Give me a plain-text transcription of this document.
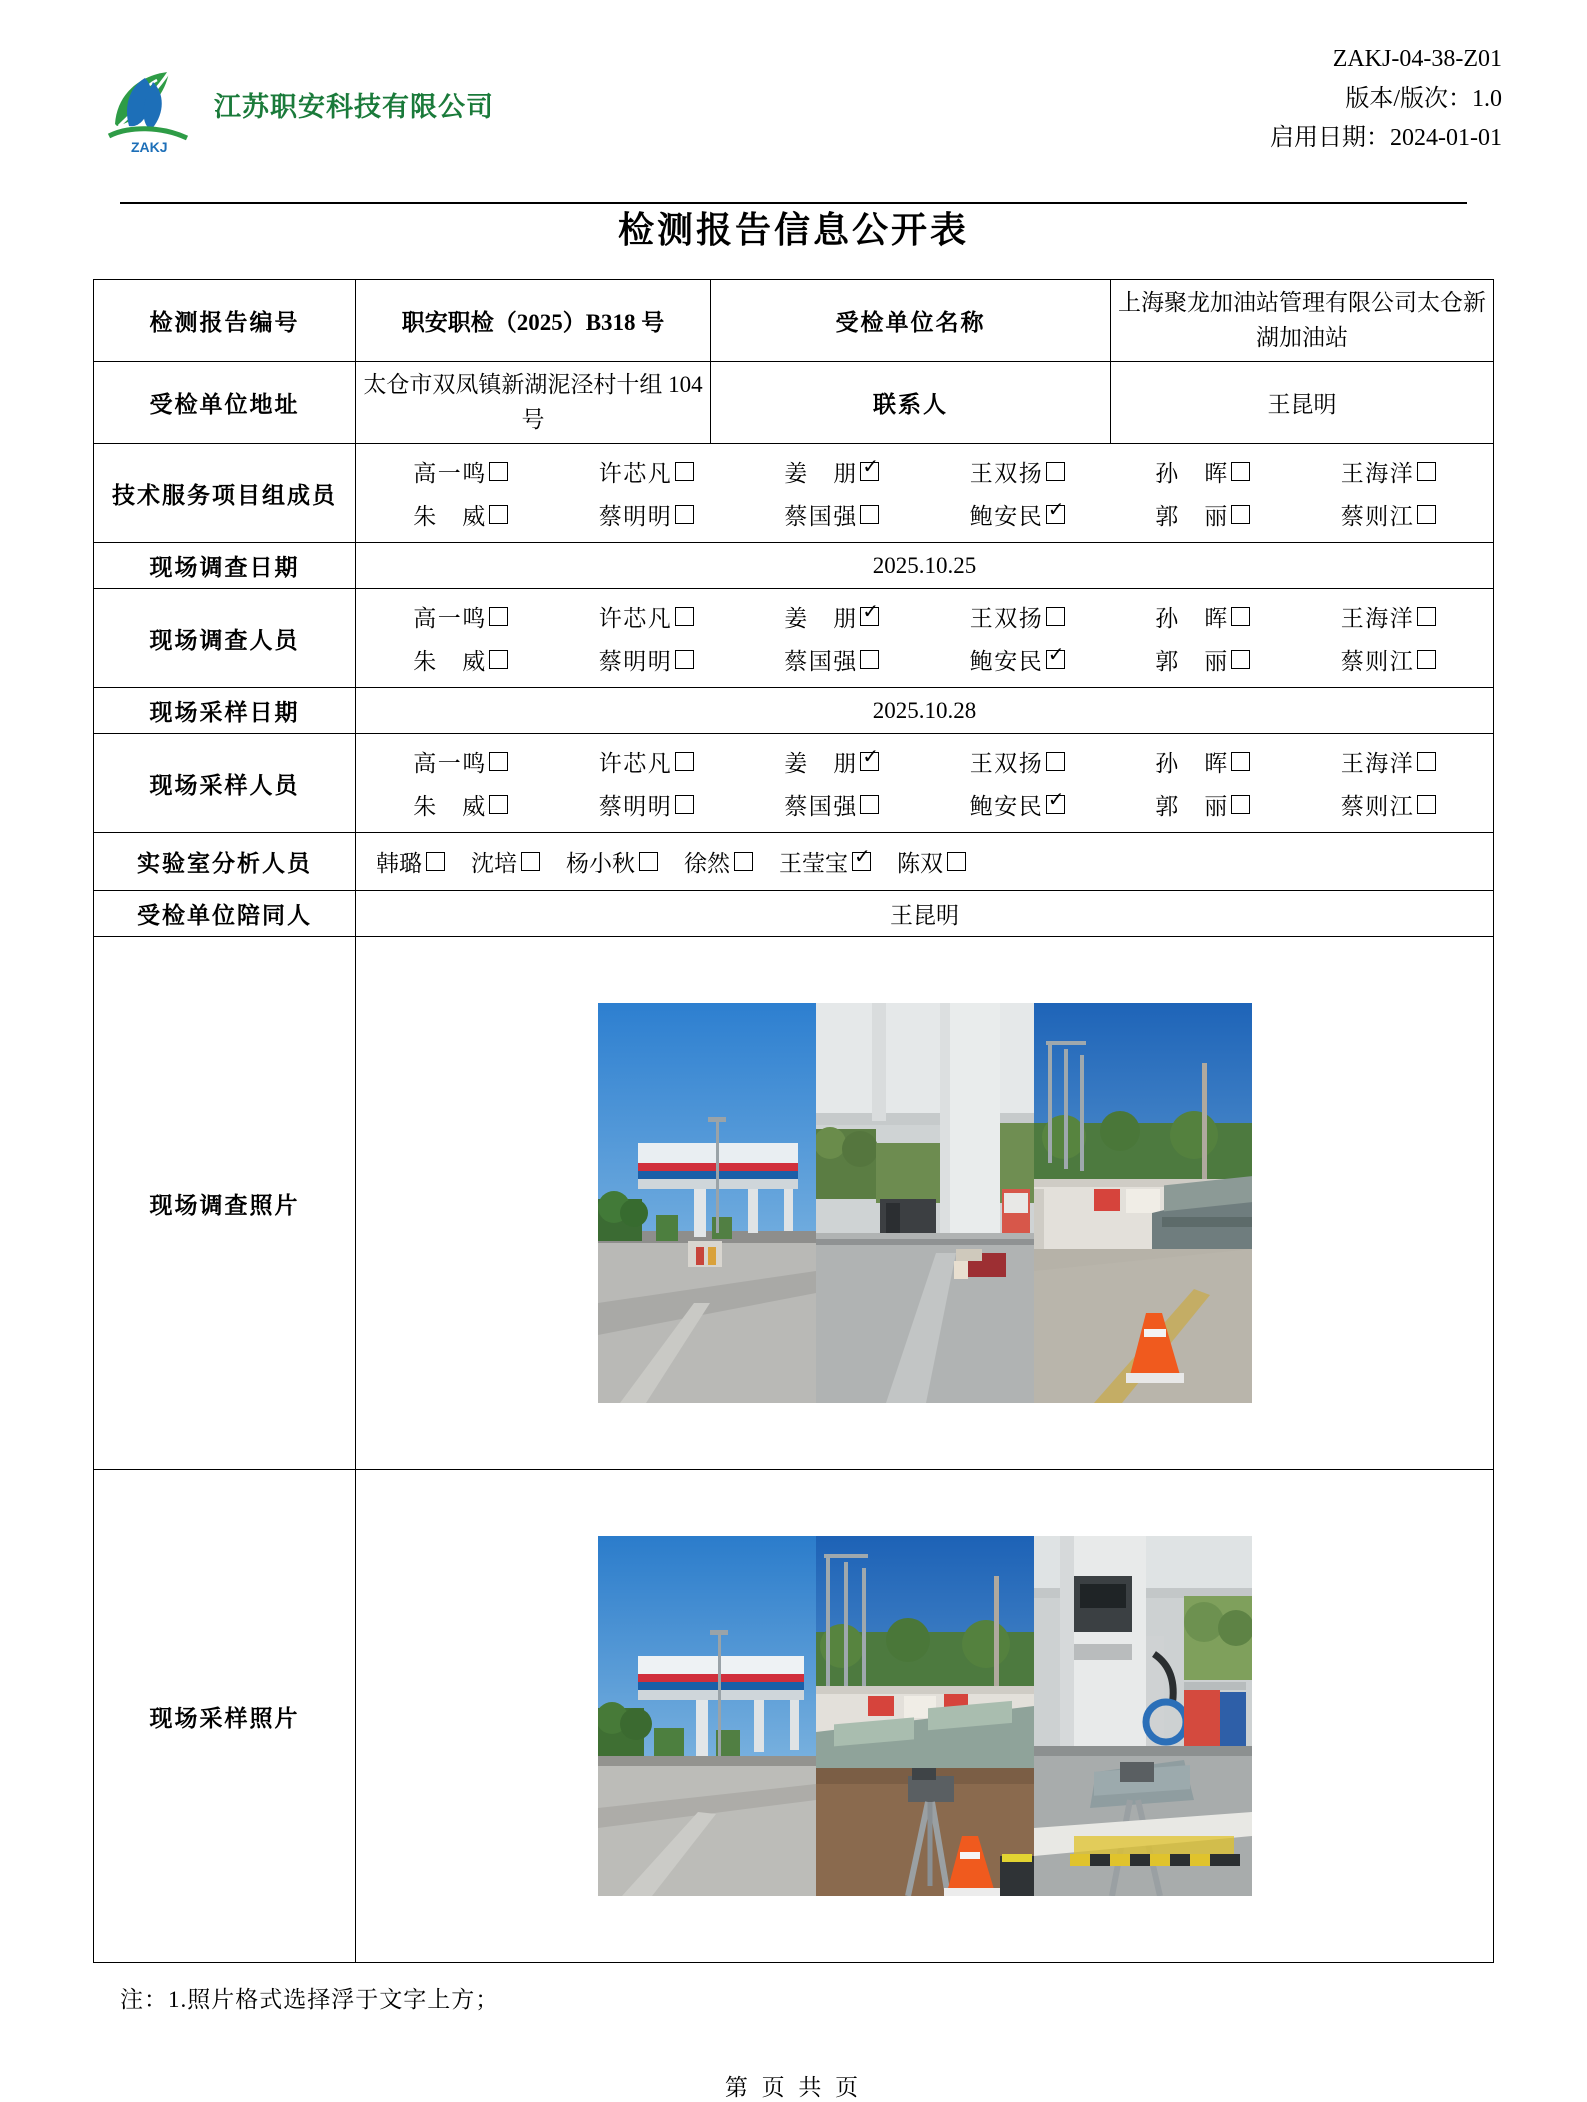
ZAKJ
江苏职安科技有限公司
ZAKJ-04-38-Z01
版本/版次：1.0
启用日期：2024-01-01
检测报告信息公开表
检测报告编号	职安职检（2025）B318 号	受检单位名称	上海聚龙加油站管理有限公司太仓新湖加油站
受检单位地址	太仓市双凤镇新湖泥泾村十组 104 号	联系人	王昆明
技术服务项目组成员	
高一鸣	许芯凡	姜朋 ✓	王双扬	孙晖	王海洋
朱威	蔡明明	蔡国强	鲍安民 ✓	郭丽	蔡则江

现场调查日期	2025.10.25		
现场调查人员	
高一鸣	许芯凡	姜朋 ✓	王双扬	孙晖	王海洋
朱威	蔡明明	蔡国强	鲍安民 ✓	郭丽	蔡则江

现场采样日期	2025.10.28		
现场采样人员	
高一鸣	许芯凡	姜朋 ✓	王双扬	孙晖	王海洋
朱威	蔡明明	蔡国强	鲍安民 ✓	郭丽	蔡则江

实验室分析人员	韩璐 沈培 杨小秋 徐然 王莹宝 ✓ 陈双

受检单位陪同人	王昆明		
现场调查照片	

现场采样照片	
注：1.照片格式选择浮于文字上方；
第 页 共 页
